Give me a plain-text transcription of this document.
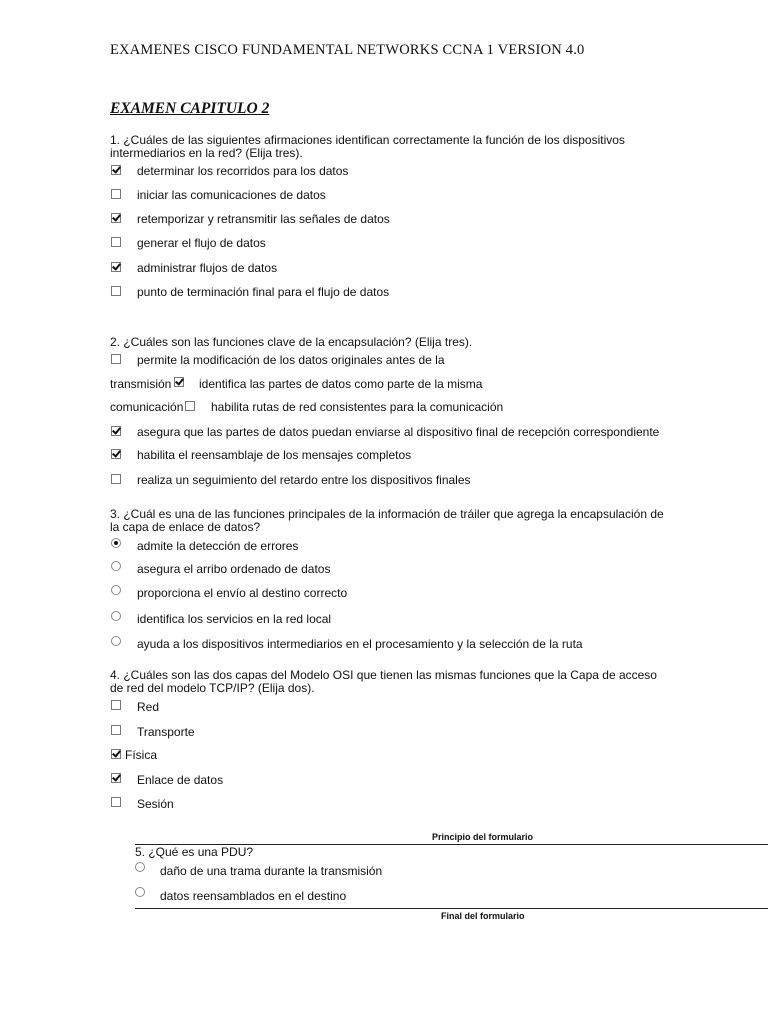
EXAMENES CISCO FUNDAMENTAL NETWORKS CCNA 1 VERSION 4.0
EXAMEN CAPITULO 2
1. ¿Cuáles de las siguientes afirmaciones identifican correctamente la función de los dispositivos intermediarios en la red? (Elija tres).
determinar los recorridos para los datos
iniciar las comunicaciones de datos
retemporizar y retransmitir las señales de datos
generar el flujo de datos
administrar flujos de datos
punto de terminación final para el flujo de datos
2. ¿Cuáles son las funciones clave de la encapsulación? (Elija tres).
permite la modificación de los datos originales antes de la
transmisión identifica las partes de datos como parte de la misma
comunicación habilita rutas de red consistentes para la comunicación
asegura que las partes de datos puedan enviarse al dispositivo final de recepción correspondiente
habilita el reensamblaje de los mensajes completos
realiza un seguimiento del retardo entre los dispositivos finales
3. ¿Cuál es una de las funciones principales de la información de tráiler que agrega la encapsulación de la capa de enlace de datos?
admite la detección de errores
asegura el arribo ordenado de datos
proporciona el envío al destino correcto
identifica los servicios en la red local
ayuda a los dispositivos intermediarios en el procesamiento y la selección de la ruta
4. ¿Cuáles son las dos capas del Modelo OSI que tienen las mismas funciones que la Capa de acceso de red del modelo TCP/IP? (Elija dos).
Red
Transporte
Física
Enlace de datos
Sesión
Principio del formulario
5. ¿Qué es una PDU?
daño de una trama durante la transmisión
datos reensamblados en el destino
Final del formulario
